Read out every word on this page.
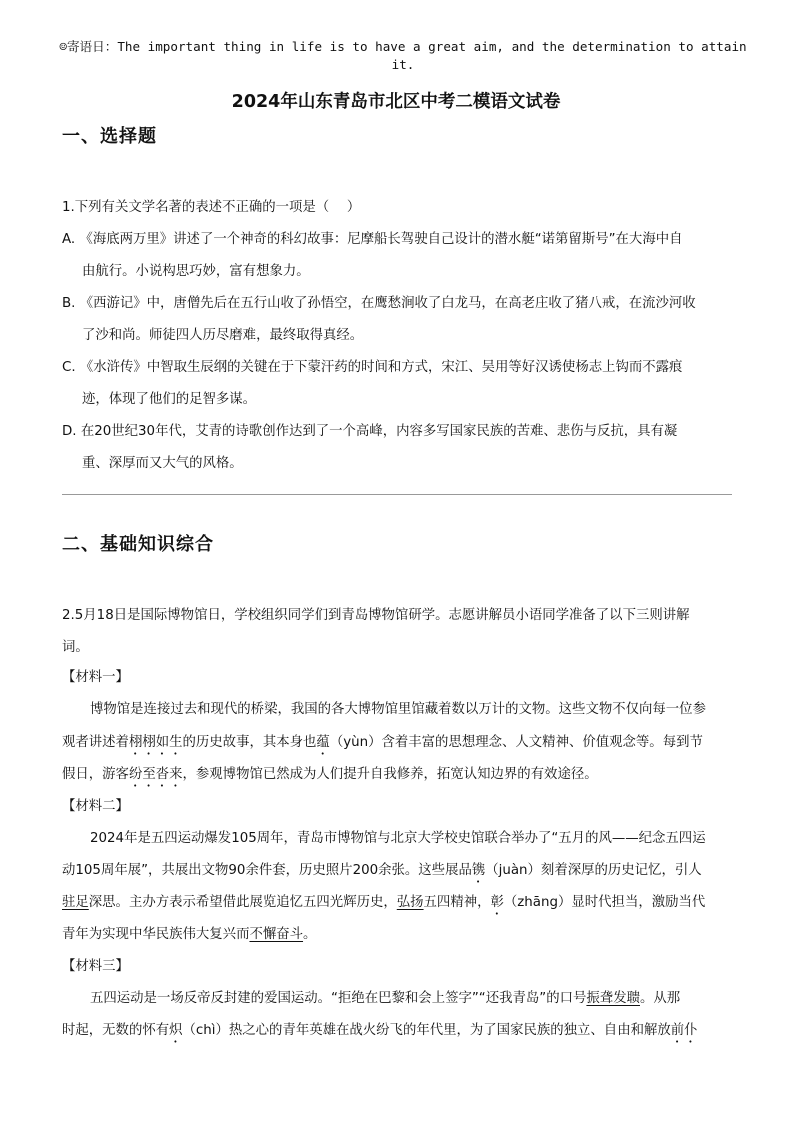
☺寄语日：The important thing in life is to have a great aim, and the determination to attain it.
2024年山东青岛市北区中考二模语文试卷
一、选择题
1.下列有关文学名著的表述不正确的一项是（　 ）
A. 《海底两万里》讲述了一个神奇的科幻故事：尼摩船长驾驶自己设计的潜水艇“诺第留斯号”在大海中自
由航行。小说构思巧妙，富有想象力。
B. 《西游记》中，唐僧先后在五行山收了孙悟空，在鹰愁涧收了白龙马，在高老庄收了猪八戒，在流沙河收
了沙和尚。师徒四人历尽磨难，最终取得真经。
C. 《水浒传》中智取生辰纲的关键在于下蒙汗药的时间和方式，宋江、吴用等好汉诱使杨志上钩而不露痕
迹，体现了他们的足智多谋。
D. 在20世纪30年代，艾青的诗歌创作达到了一个高峰，内容多写国家民族的苦难、悲伤与反抗，具有凝
重、深厚而又大气的风格。
二、基础知识综合
2.5月18日是国际博物馆日，学校组织同学们到青岛博物馆研学。志愿讲解员小语同学准备了以下三则讲解
词。
【材料一】
博物馆是连接过去和现代的桥梁，我国的各大博物馆里馆藏着数以万计的文物。这些文物不仅向每一位参
观者讲述着栩栩如生的历史故事，其本身也蕴（yùn）含着丰富的思想理念、人文精神、价值观念等。每到节
假日，游客纷至沓来，参观博物馆已然成为人们提升自我修养，拓宽认知边界的有效途径。
【材料二】
2024年是五四运动爆发105周年，青岛市博物馆与北京大学校史馆联合举办了“五月的风——纪念五四运
动105周年展”，共展出文物90余件套，历史照片200余张。这些展品镌（juàn）刻着深厚的历史记忆，引人
驻足深思。主办方表示希望借此展览追忆五四光辉历史，弘扬五四精神，彰（zhāng）显时代担当，激励当代
青年为实现中华民族伟大复兴而不懈奋斗。
【材料三】
五四运动是一场反帝反封建的爱国运动。“拒绝在巴黎和会上签字”“还我青岛”的口号振聋发聩。从那
时起，无数的怀有炽（chì）热之心的青年英雄在战火纷飞的年代里，为了国家民族的独立、自由和解放前仆
